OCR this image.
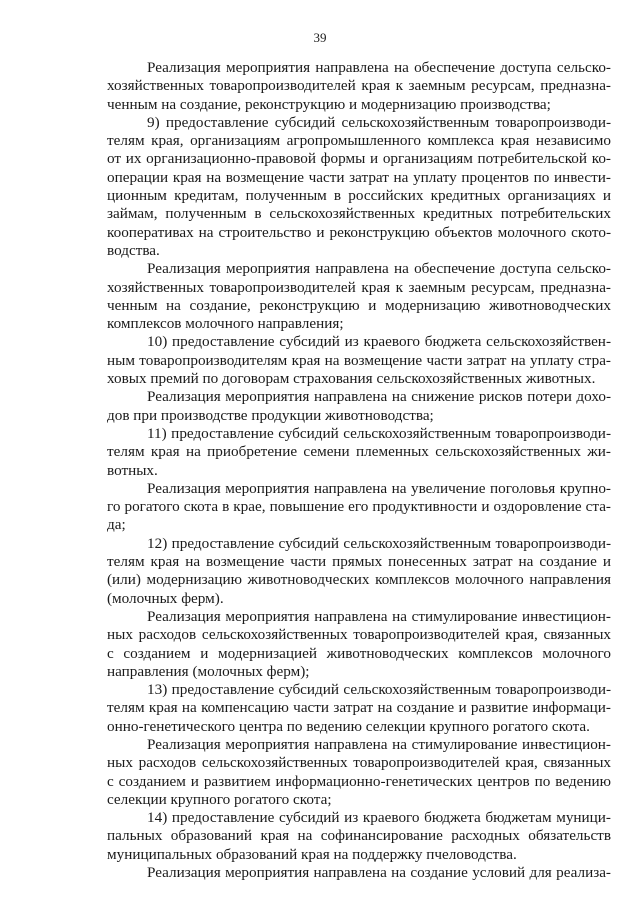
39
Реализация мероприятия направлена на обеспечение доступа сельско-
хозяйственных товаропроизводителей края к заемным ресурсам, предназна-
ченным на создание, реконструкцию и модернизацию производства;
9) предоставление субсидий сельскохозяйственным товаропроизводи-
телям края, организациям агропромышленного комплекса края независимо
от их организационно-правовой формы и организациям потребительской ко-
операции края на возмещение части затрат на уплату процентов по инвести-
ционным кредитам, полученным в российских кредитных организациях и
займам, полученным в сельскохозяйственных кредитных потребительских
кооперативах на строительство и реконструкцию объектов молочного ското-
водства.
Реализация мероприятия направлена на обеспечение доступа сельско-
хозяйственных товаропроизводителей края к заемным ресурсам, предназна-
ченным на создание, реконструкцию и модернизацию животноводческих
комплексов молочного направления;
10) предоставление субсидий из краевого бюджета сельскохозяйствен-
ным товаропроизводителям края на возмещение части затрат на уплату стра-
ховых премий по договорам страхования сельскохозяйственных животных.
Реализация мероприятия направлена на снижение рисков потери дохо-
дов при производстве продукции животноводства;
11) предоставление субсидий сельскохозяйственным товаропроизводи-
телям края на приобретение семени племенных сельскохозяйственных жи-
вотных.
Реализация мероприятия направлена на увеличение поголовья крупно-
го рогатого скота в крае, повышение его продуктивности и оздоровление ста-
да;
12) предоставление субсидий сельскохозяйственным товаропроизводи-
телям края на возмещение части прямых понесенных затрат на создание и
(или) модернизацию животноводческих комплексов молочного направления
(молочных ферм).
Реализация мероприятия направлена на стимулирование инвестицион-
ных расходов сельскохозяйственных товаропроизводителей края, связанных
с созданием и модернизацией животноводческих комплексов молочного
направления (молочных ферм);
13) предоставление субсидий сельскохозяйственным товаропроизводи-
телям края на компенсацию части затрат на создание и развитие информаци-
онно-генетического центра по ведению селекции крупного рогатого скота.
Реализация мероприятия направлена на стимулирование инвестицион-
ных расходов сельскохозяйственных товаропроизводителей края, связанных
с созданием и развитием информационно-генетических центров по ведению
селекции крупного рогатого скота;
14) предоставление субсидий из краевого бюджета бюджетам муници-
пальных образований края на софинансирование расходных обязательств
муниципальных образований края на поддержку пчеловодства.
Реализация мероприятия направлена на создание условий для реализа-
